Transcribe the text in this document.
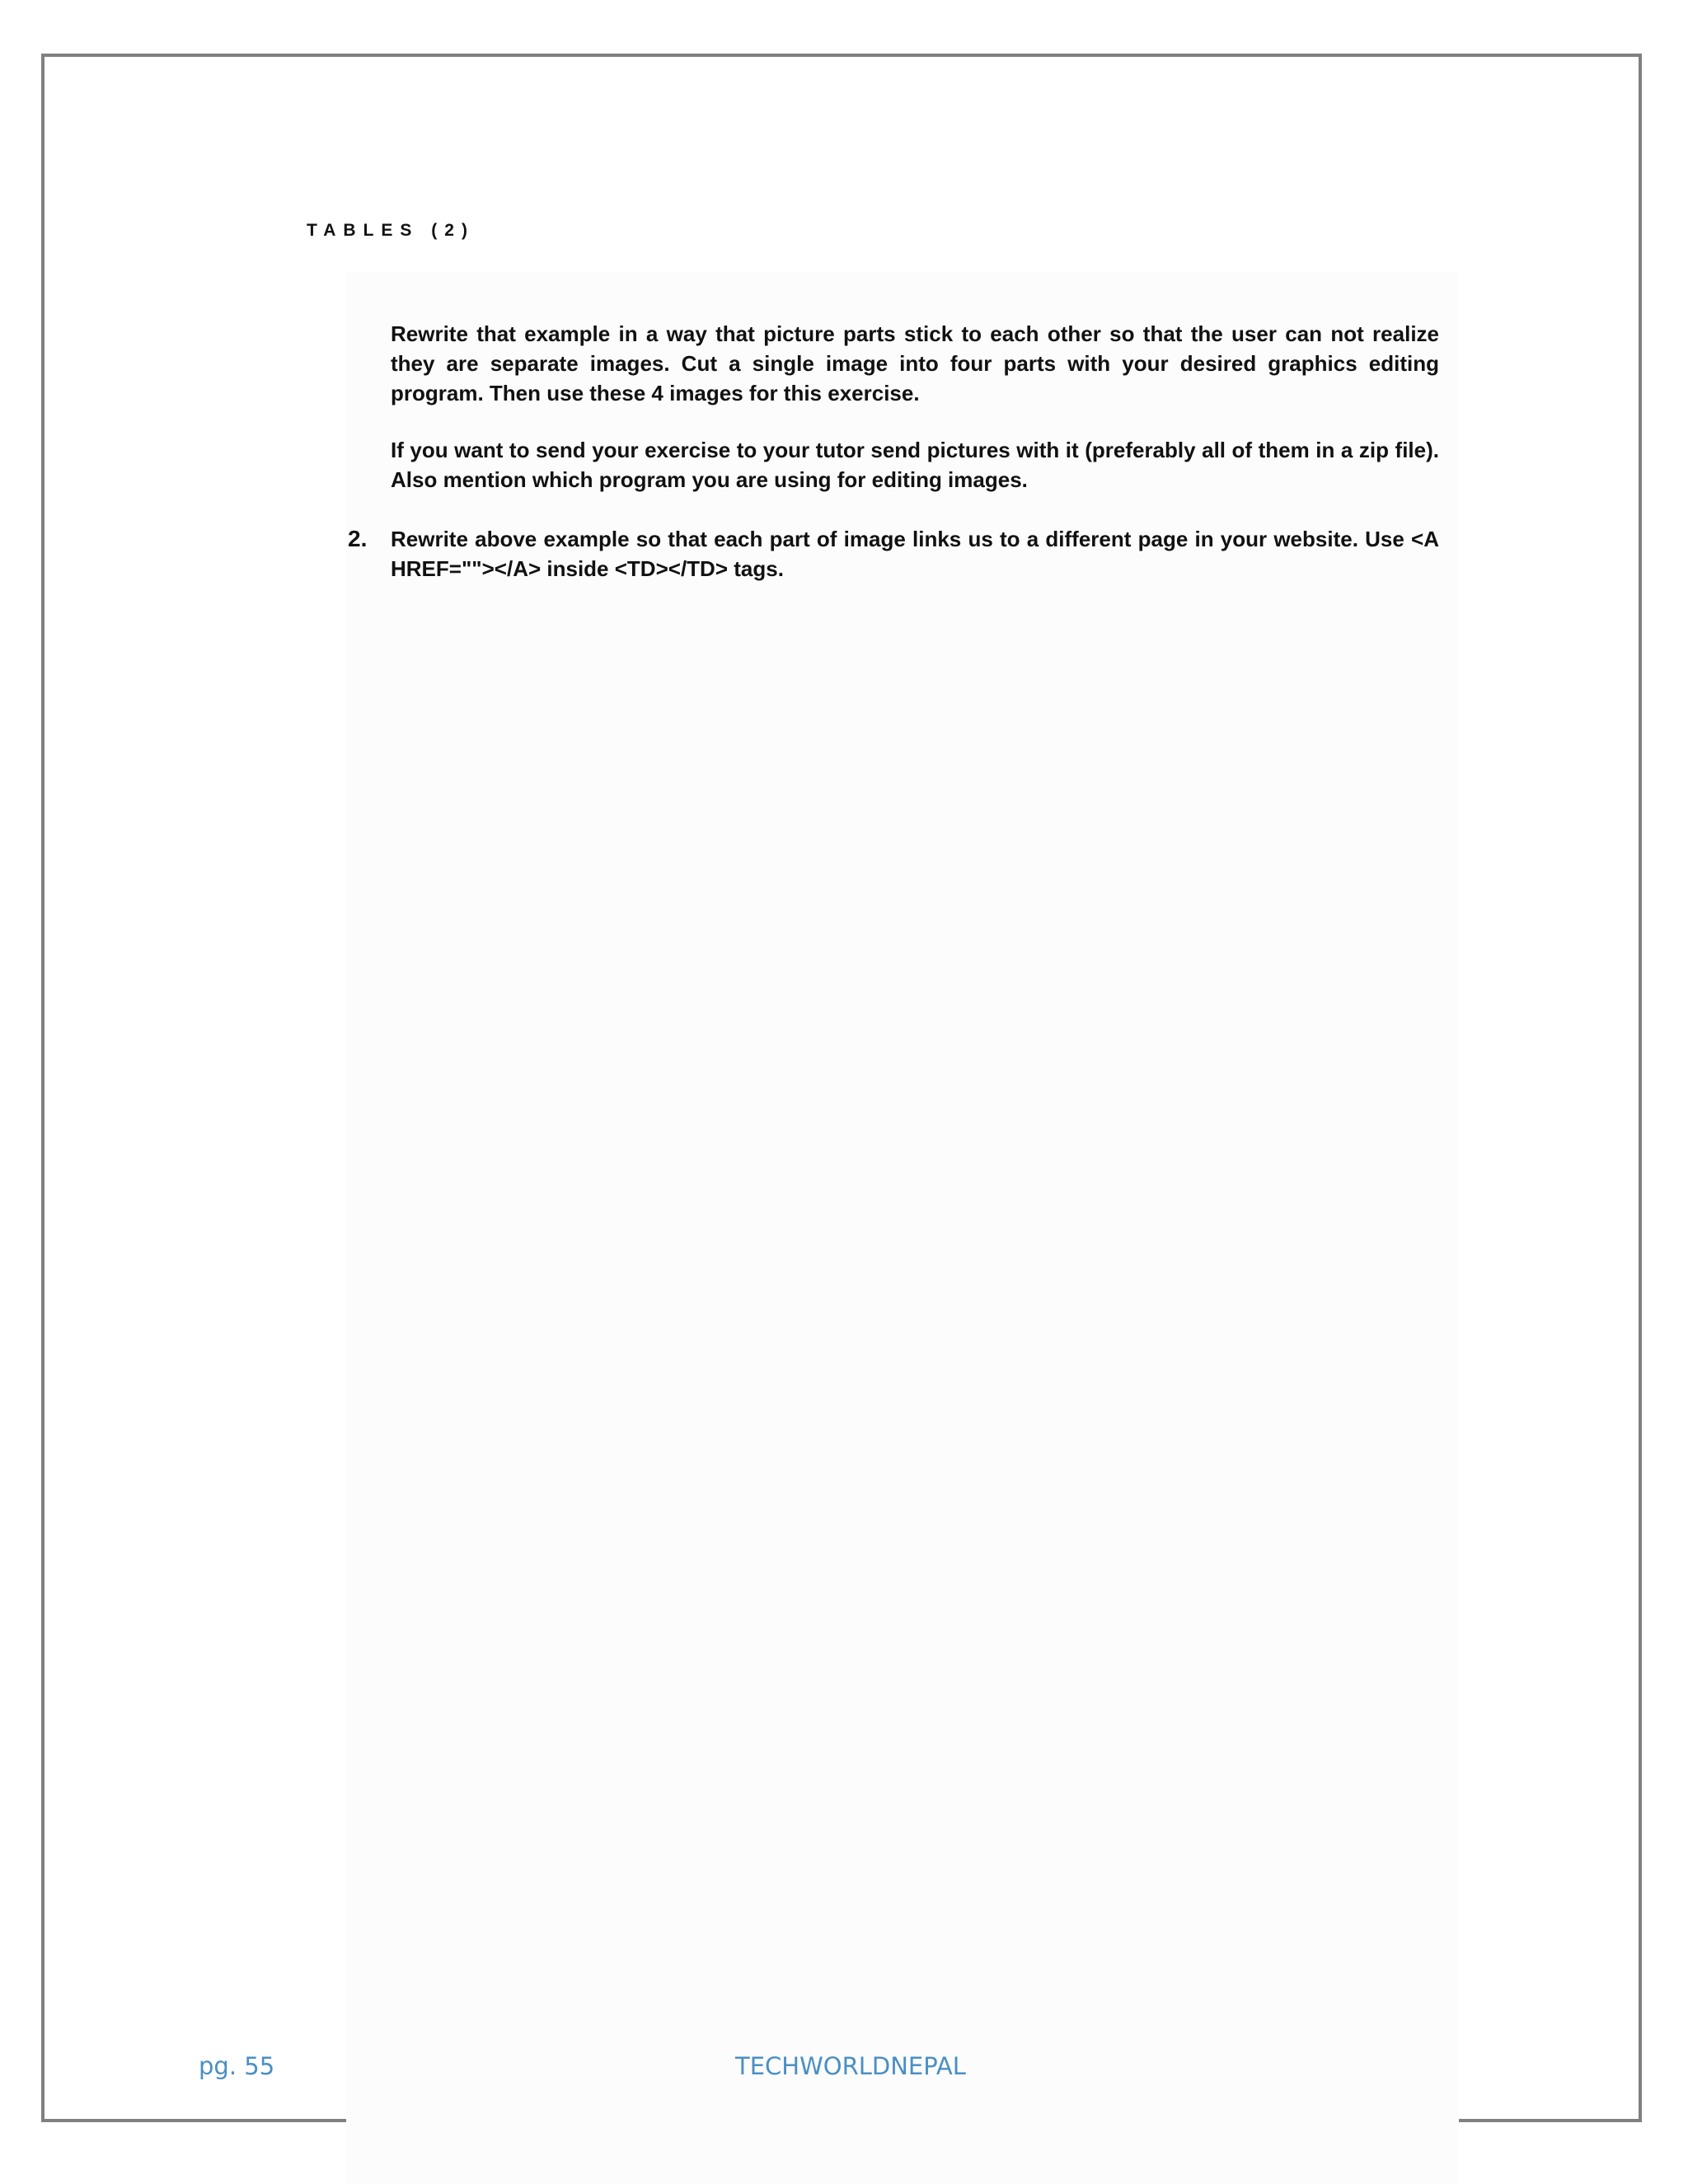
TABLES (2)
Rewrite that example in a way that picture parts stick to each other so that the user can not realize they are separate images. Cut a single image into four parts with your desired graphics editing program. Then use these 4 images for this exercise.
If you want to send your exercise to your tutor send pictures with it (preferably all of them in a zip file). Also mention which program you are using for editing images.
2. Rewrite above example so that each part of image links us to a different page in your website. Use <A HREF=""></A> inside <TD></TD> tags.
pg. 55	TECHWORLDNEPAL
